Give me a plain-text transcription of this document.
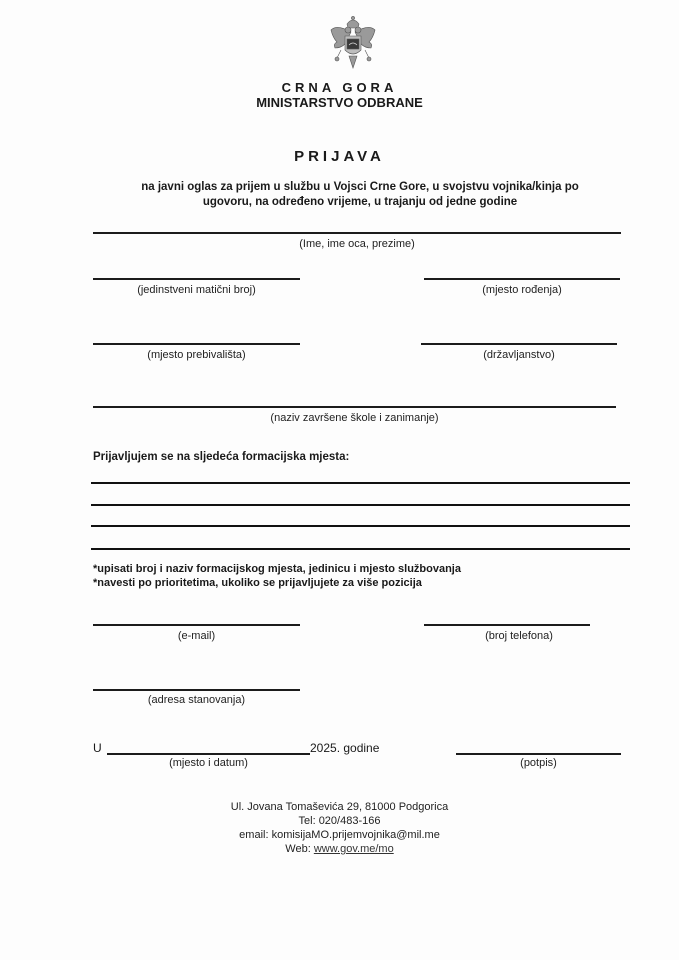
CRNA GORA
MINISTARSTVO ODBRANE
PRIJAVA
na javni oglas za prijem u službu u Vojsci Crne Gore, u svojstvu vojnika/kinja po
ugovoru, na određeno vrijeme, u trajanju od jedne godine
(Ime, ime oca, prezime)
(jedinstveni matični broj)	(mjesto rođenja)
(mjesto prebivališta)	(državljanstvo)
(naziv završene škole i zanimanje)
Prijavljujem se na sljedeća formacijska mjesta:
*upisati broj i naziv formacijskog mjesta, jedinicu i mjesto službovanja
*navesti po prioritetima, ukoliko se prijavljujete za više pozicija
(e-mail)	(broj telefona)
(adresa stanovanja)
U	2025. godine
(mjesto i datum)	(potpis)
Ul. Jovana Tomaševića 29, 81000 Podgorica
Tel: 020/483-166
email: komisijaMO.prijemvojnika@mil.me
Web: www.gov.me/mo
